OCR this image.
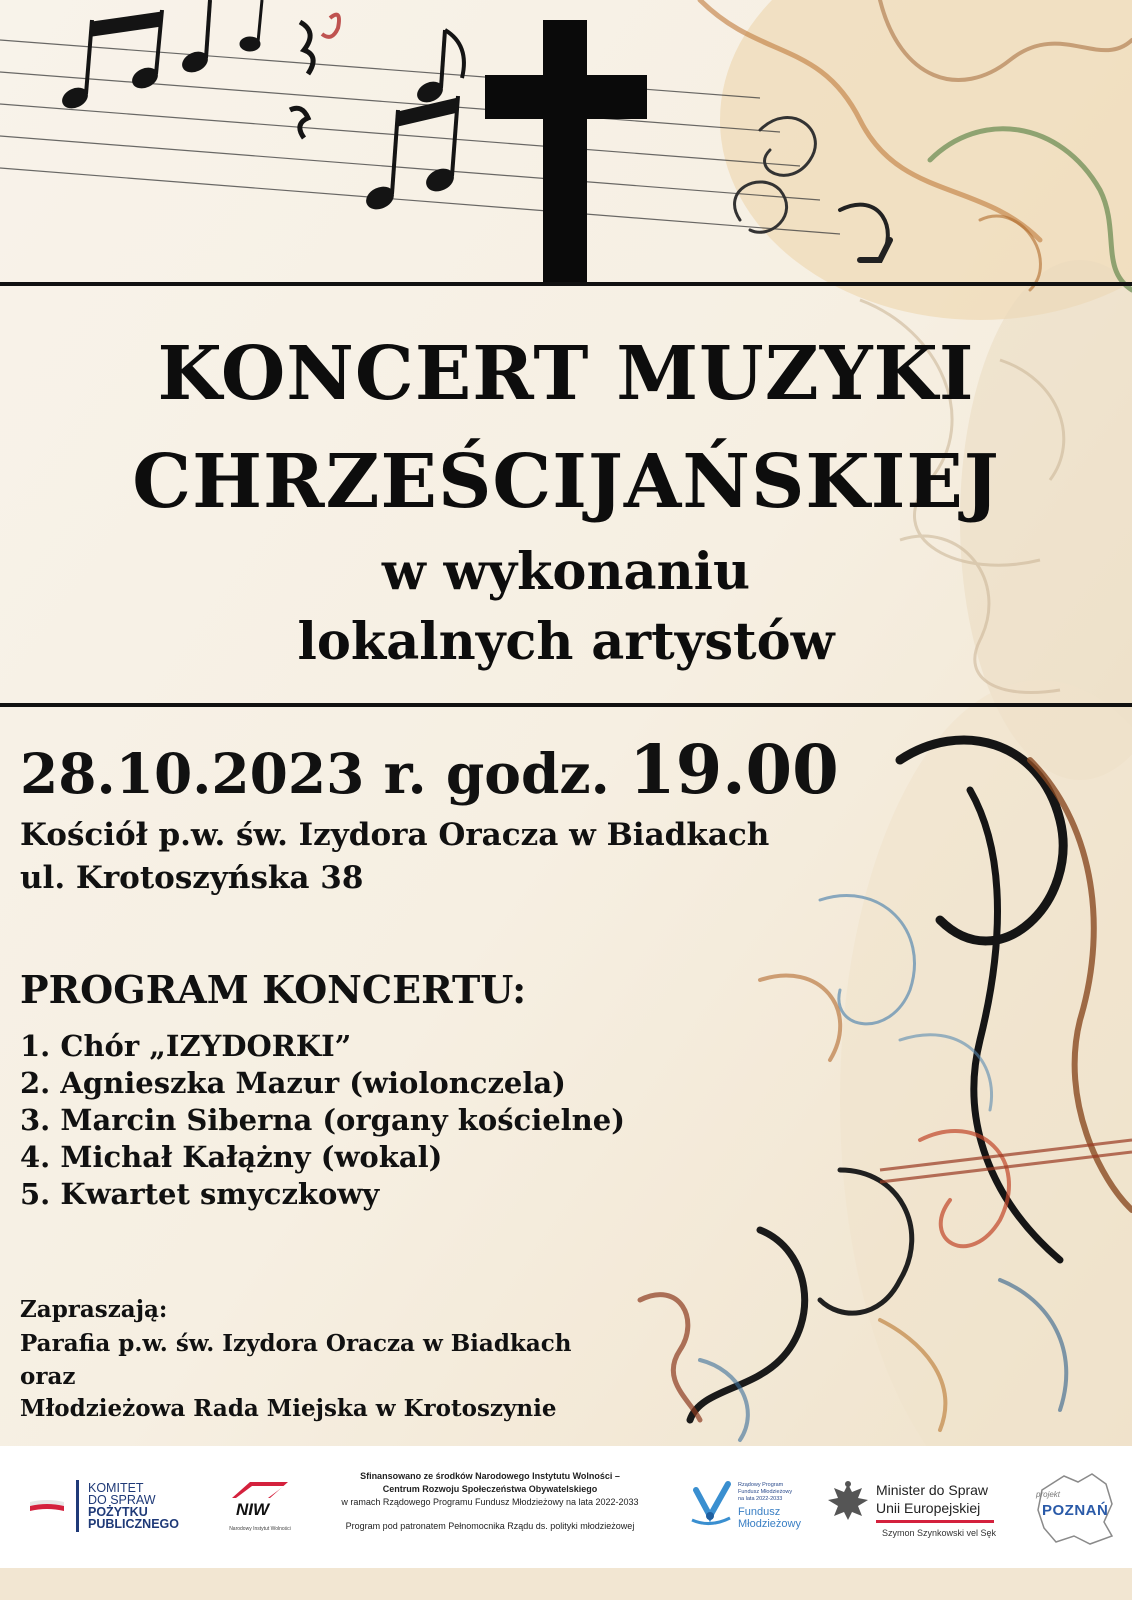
KONCERT MUZYKI
CHRZEŚCIJAŃSKIEJ
w wykonaniu
lokalnych artystów
28.10.2023 r. godz. 19.00
Kościół p.w. św. Izydora Oracza w Biadkach
ul. Krotoszyńska 38
PROGRAM KONCERTU:
1. Chór „IZYDORKI”
2. Agnieszka Mazur (wiolonczela)
3. Marcin Siberna (organy kościelne)
4. Michał Kałążny (wokal)
5. Kwartet smyczkowy
Zapraszają:
Parafia p.w. św. Izydora Oracza w Biadkach
oraz
Młodzieżowa Rada Miejska w Krotoszynie
KOMITET
DO SPRAW
POŻYTKU
PUBLICZNEGO
NIW
Narodowy Instytut Wolności
Sfinansowano ze środków Narodowego Instytutu Wolności –
Centrum Rozwoju Społeczeństwa Obywatelskiego
w ramach Rządowego Programu Fundusz Młodzieżowy na lata 2022-2033
Program pod patronatem Pełnomocnika Rządu ds. polityki młodzieżowej
Rządowy Program
Fundusz Młodzieżowy
na lata 2022-2033
Fundusz
Młodzieżowy
Minister do Spraw
Unii Europejskiej
Szymon Szynkowski vel Sęk
projekt
POZNAŃ
